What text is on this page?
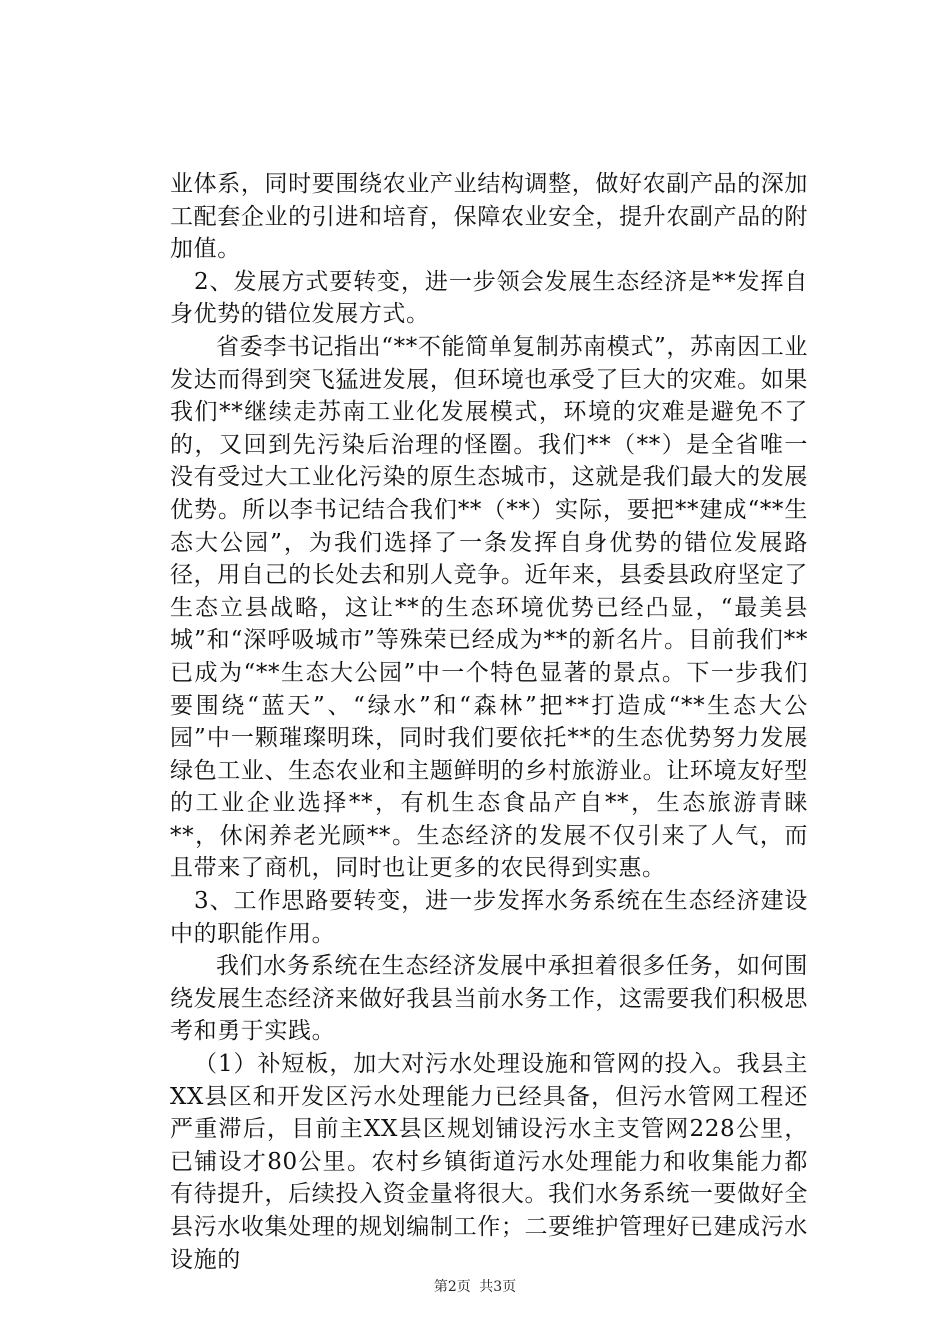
业体系，同时要围绕农业产业结构调整，做好农副产品的深加工配套企业的引进和培育，保障农业安全，提升农副产品的附加值。

2、发展方式要转变，进一步领会发展生态经济是**发挥自身优势的错位发展方式。

省委李书记指出“**不能简单复制苏南模式”，苏南因工业发达而得到突飞猛进发展，但环境也承受了巨大的灾难。如果我们**继续走苏南工业化发展模式，环境的灾难是避免不了的，又回到先污染后治理的怪圈。我们**（**）是全省唯一没有受过大工业化污染的原生态城市，这就是我们最大的发展优势。所以李书记结合我们**（**）实际，要把**建成“**生态大公园”，为我们选择了一条发挥自身优势的错位发展路径，用自己的长处去和别人竞争。近年来，县委县政府坚定了生态立县战略，这让**的生态环境优势已经凸显，“最美县城”和“深呼吸城市”等殊荣已经成为**的新名片。目前我们**已成为“**生态大公园”中一个特色显著的景点。下一步我们要围绕“蓝天”、“绿水”和“森林”把**打造成“**生态大公园”中一颗璀璨明珠，同时我们要依托**的生态优势努力发展绿色工业、生态农业和主题鲜明的乡村旅游业。让环境友好型的工业企业选择**，有机生态食品产自**，生态旅游青睐**，休闲养老光顾**。生态经济的发展不仅引来了人气，而且带来了商机，同时也让更多的农民得到实惠。

3、工作思路要转变，进一步发挥水务系统在生态经济建设中的职能作用。

我们水务系统在生态经济发展中承担着很多任务，如何围绕发展生态经济来做好我县当前水务工作，这需要我们积极思考和勇于实践。

（1）补短板，加大对污水处理设施和管网的投入。我县主XX县区和开发区污水处理能力已经具备，但污水管网工程还严重滞后，目前主XX县区规划铺设污水主支管网228公里，已铺设才80公里。农村乡镇街道污水处理能力和收集能力都有待提升，后续投入资金量将很大。我们水务系统一要做好全县污水收集处理的规划编制工作；二要维护管理好已建成污水设施的

第2页 共3页
